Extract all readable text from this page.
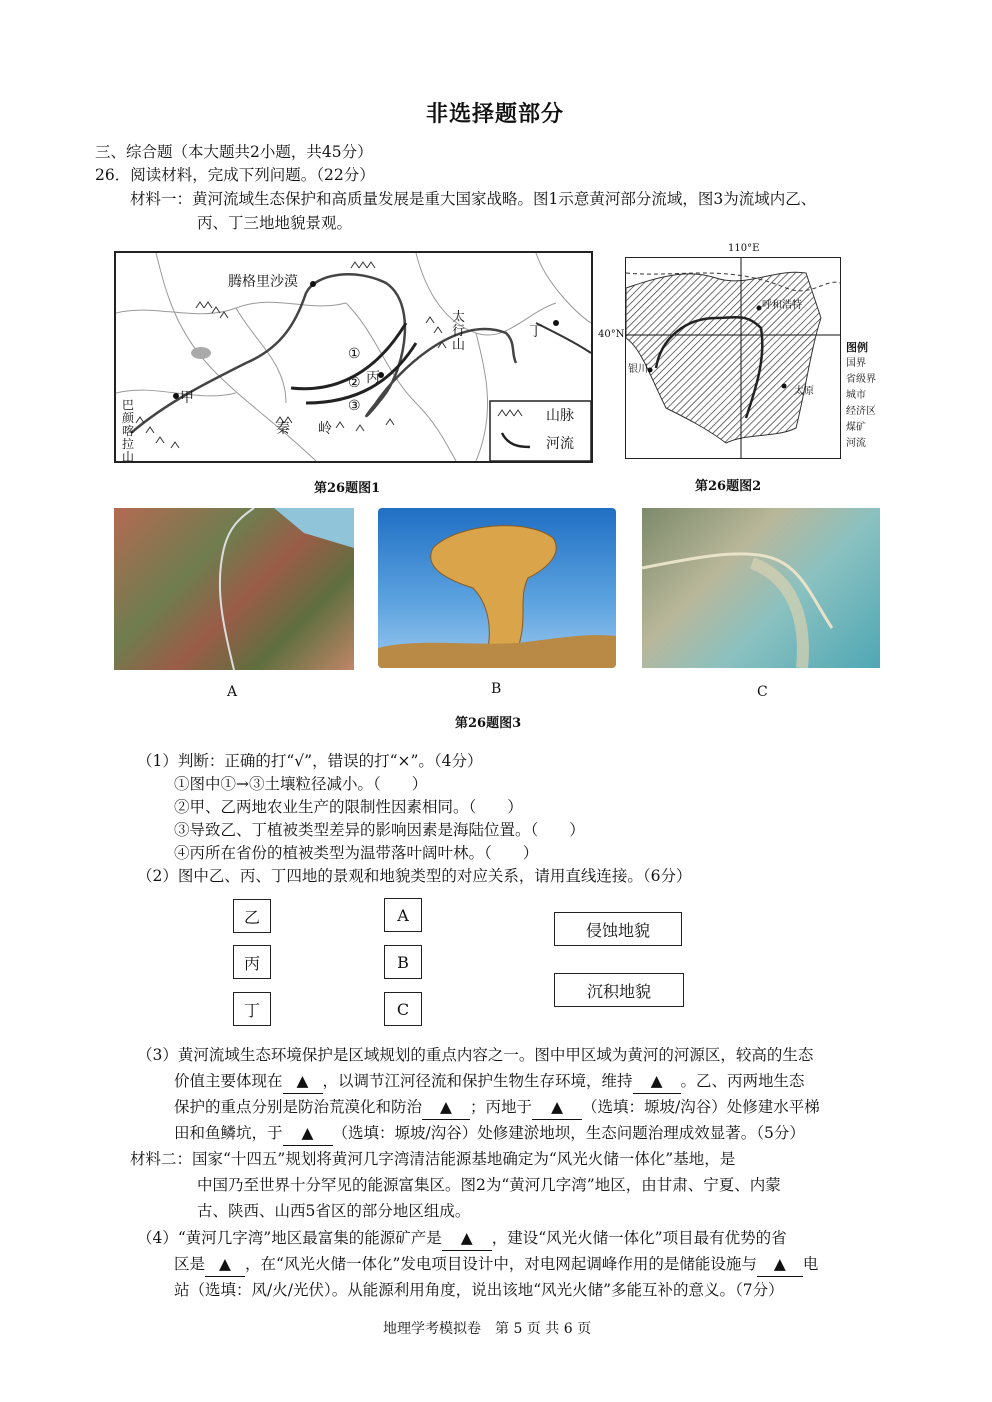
非选择题部分
三、综合题（本大题共2小题，共45分）
26．阅读材料，完成下列问题。（22分）
材料一：黄河流域生态保护和高质量发展是重大国家战略。图1示意黄河部分流域，图3为流域内乙、
丙、丁三地地貌景观。
腾格里沙漠
太
行
山
丁
甲
巴
颜
喀
拉
山
秦　　岭
①
② 丙
③
山脉
河流
第26题图1
110°E
呼和浩特
银川
太原
40°N
图例
国界
省级界
城市
经济区
煤矿
河流
第26题图2
A	B	C
第26题图3
（1）判断：正确的打“√”，错误的打“×”。（4分）
①图中①→③土壤粒径减小。（　　）
②甲、乙两地农业生产的限制性因素相同。（　　）
③导致乙、丁植被类型差异的影响因素是海陆位置。（　　）
④丙所在省份的植被类型为温带落叶阔叶林。（　　）
（2）图中乙、丙、丁四地的景观和地貌类型的对应关系，请用直线连接。（6分）
乙
丙
丁
A
B
C
侵蚀地貌
沉积地貌
（3）黄河流域生态环境保护是区域规划的重点内容之一。图中甲区域为黄河的河源区，较高的生态
价值主要体现在 ▲ ，以调节江河径流和保护生物生存环境，维持 ▲ 。乙、丙两地生态
保护的重点分别是防治荒漠化和防治 ▲ ；丙地于 ▲ （选填：塬坡/沟谷）处修建水平梯
田和鱼鳞坑，于 ▲ （选填：塬坡/沟谷）处修建淤地坝，生态问题治理成效显著。（5分）
材料二：国家“十四五”规划将黄河几字湾清洁能源基地确定为“风光火储一体化”基地，是
中国乃至世界十分罕见的能源富集区。图2为“黄河几字湾”地区，由甘肃、宁夏、内蒙
古、陕西、山西5省区的部分地区组成。
（4）“黄河几字湾”地区最富集的能源矿产是 ▲ ，建设“风光火储一体化”项目最有优势的省
区是 ▲ ，在“风光火储一体化”发电项目设计中，对电网起调峰作用的是储能设施与 ▲ 电
站（选填：风/火/光伏）。从能源利用角度，说出该地“风光火储”多能互补的意义。（7分）
地理学考模拟卷　第 5 页 共 6 页
